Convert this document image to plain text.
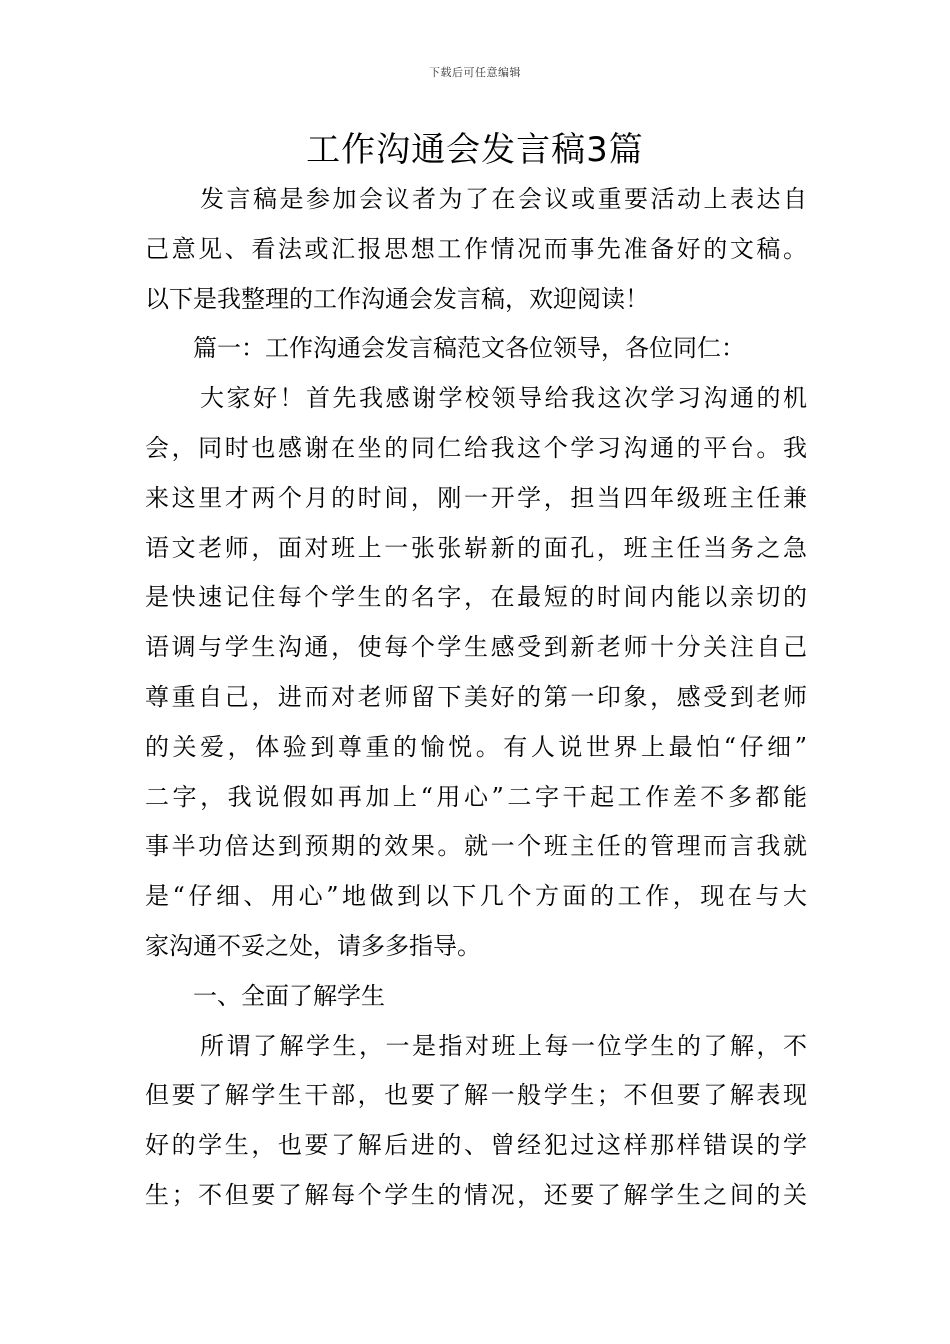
下载后可任意编辑
工作沟通会发言稿3篇
发言稿是参加会议者为了在会议或重要活动上表达自
己意见、看法或汇报思想工作情况而事先准备好的文稿。
以下是我整理的工作沟通会发言稿，欢迎阅读！
篇一：工作沟通会发言稿范文各位领导，各位同仁：
大家好！首先我感谢学校领导给我这次学习沟通的机
会，同时也感谢在坐的同仁给我这个学习沟通的平台。我
来这里才两个月的时间，刚一开学，担当四年级班主任兼
语文老师，面对班上一张张崭新的面孔，班主任当务之急
是快速记住每个学生的名字，在最短的时间内能以亲切的
语调与学生沟通，使每个学生感受到新老师十分关注自己
尊重自己，进而对老师留下美好的第一印象，感受到老师
的关爱，体验到尊重的愉悦。有人说世界上最怕“仔细”
二字，我说假如再加上“用心”二字干起工作差不多都能
事半功倍达到预期的效果。就一个班主任的管理而言我就
是“仔细、用心”地做到以下几个方面的工作，现在与大
家沟通不妥之处，请多多指导。
一、全面了解学生
所谓了解学生，一是指对班上每一位学生的了解，不
但要了解学生干部，也要了解一般学生；不但要了解表现
好的学生，也要了解后进的、曾经犯过这样那样错误的学
生；不但要了解每个学生的情况，还要了解学生之间的关
